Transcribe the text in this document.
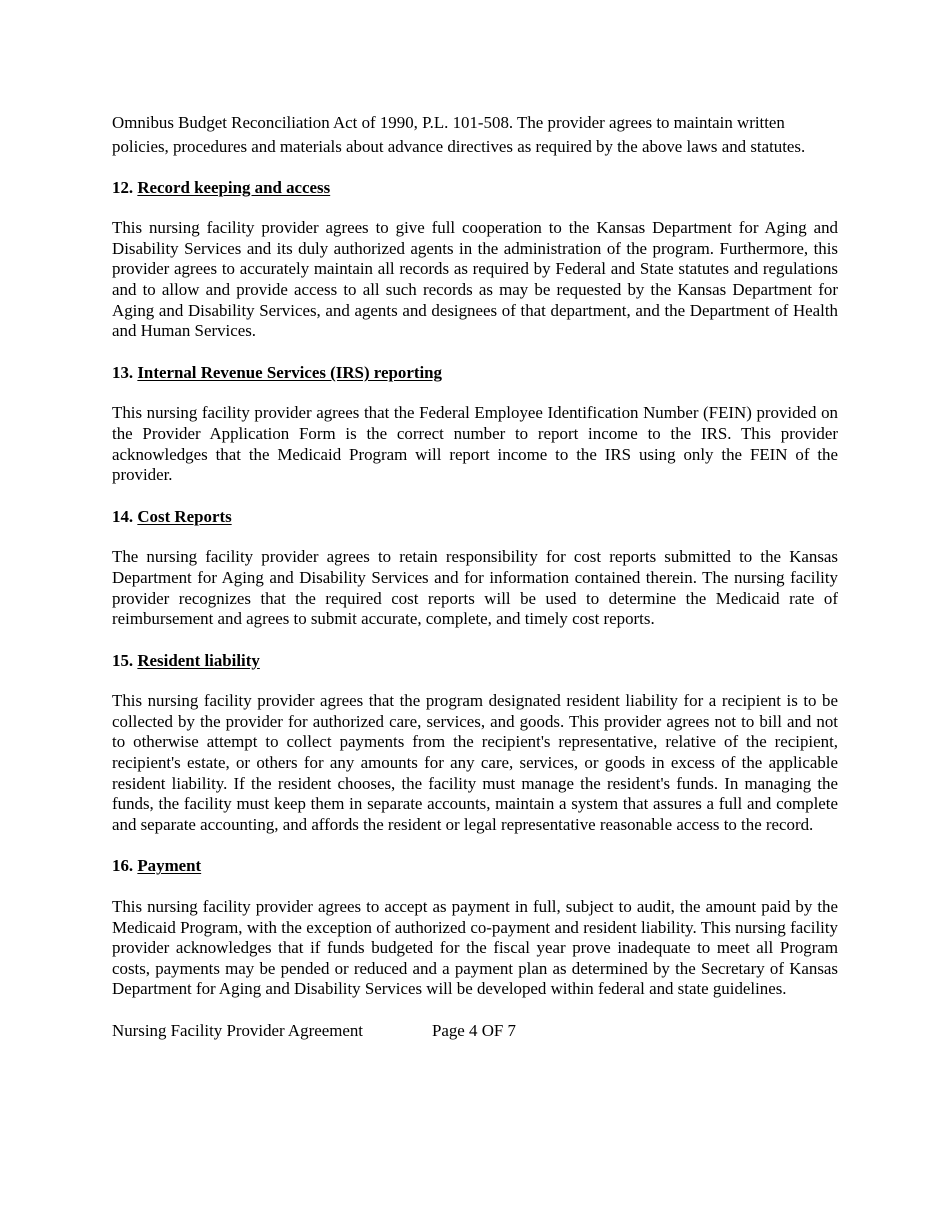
Omnibus Budget Reconciliation Act of 1990, P.L. 101-508. The provider agrees to maintain written policies, procedures and materials about advance directives as required by the above laws and statutes.

12. Record keeping and access

This nursing facility provider agrees to give full cooperation to the Kansas Department for Aging and Disability Services and its duly authorized agents in the administration of the program. Furthermore, this provider agrees to accurately maintain all records as required by Federal and State statutes and regulations and to allow and provide access to all such records as may be requested by the Kansas Department for Aging and Disability Services, and agents and designees of that department, and the Department of Health and Human Services.

13. Internal Revenue Services (IRS) reporting

This nursing facility provider agrees that the Federal Employee Identification Number (FEIN) provided on the Provider Application Form is the correct number to report income to the IRS. This provider acknowledges that the Medicaid Program will report income to the IRS using only the FEIN of the provider.

14. Cost Reports

The nursing facility provider agrees to retain responsibility for cost reports submitted to the Kansas Department for Aging and Disability Services and for information contained therein. The nursing facility provider recognizes that the required cost reports will be used to determine the Medicaid rate of reimbursement and agrees to submit accurate, complete, and timely cost reports.

15. Resident liability

This nursing facility provider agrees that the program designated resident liability for a recipient is to be collected by the provider for authorized care, services, and goods. This provider agrees not to bill and not to otherwise attempt to collect payments from the recipient's representative, relative of the recipient, recipient's estate, or others for any amounts for any care, services, or goods in excess of the applicable resident liability. If the resident chooses, the facility must manage the resident's funds. In managing the funds, the facility must keep them in separate accounts, maintain a system that assures a full and complete and separate accounting, and affords the resident or legal representative reasonable access to the record.

16. Payment

This nursing facility provider agrees to accept as payment in full, subject to audit, the amount paid by the Medicaid Program, with the exception of authorized co-payment and resident liability. This nursing facility provider acknowledges that if funds budgeted for the fiscal year prove inadequate to meet all Program costs, payments may be pended or reduced and a payment plan as determined by the Secretary of Kansas Department for Aging and Disability Services will be developed within federal and state guidelines.

Nursing Facility Provider Agreement	Page 4 OF 7
